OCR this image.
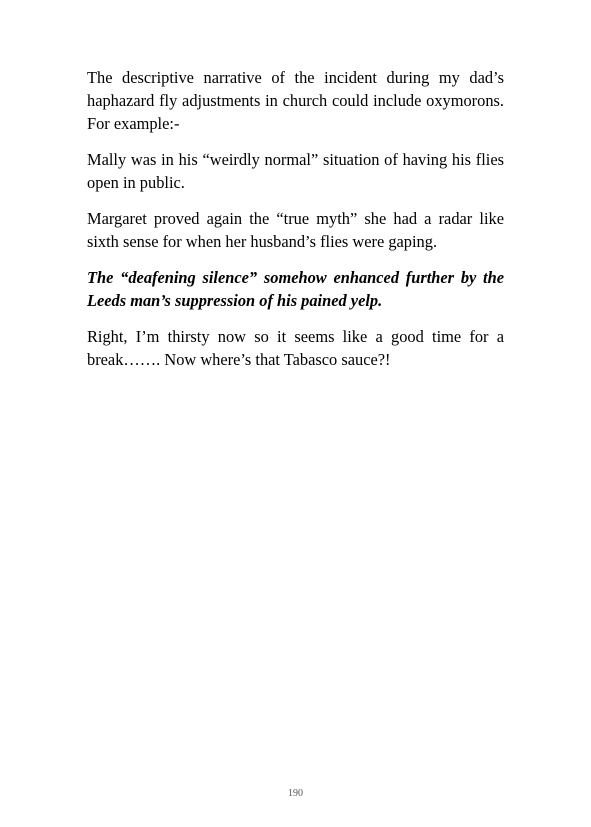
The descriptive narrative of the incident during my dad’s haphazard fly adjustments in church could include oxymorons. For example:-

Mally was in his “weirdly normal” situation of having his flies open in public.

Margaret proved again the “true myth” she had a radar like sixth sense for when her husband’s flies were gaping.

The “deafening silence” somehow enhanced further by the Leeds man’s suppression of his pained yelp.

Right, I’m thirsty now so it seems like a good time for a break……. Now where’s that Tabasco sauce?!

190
